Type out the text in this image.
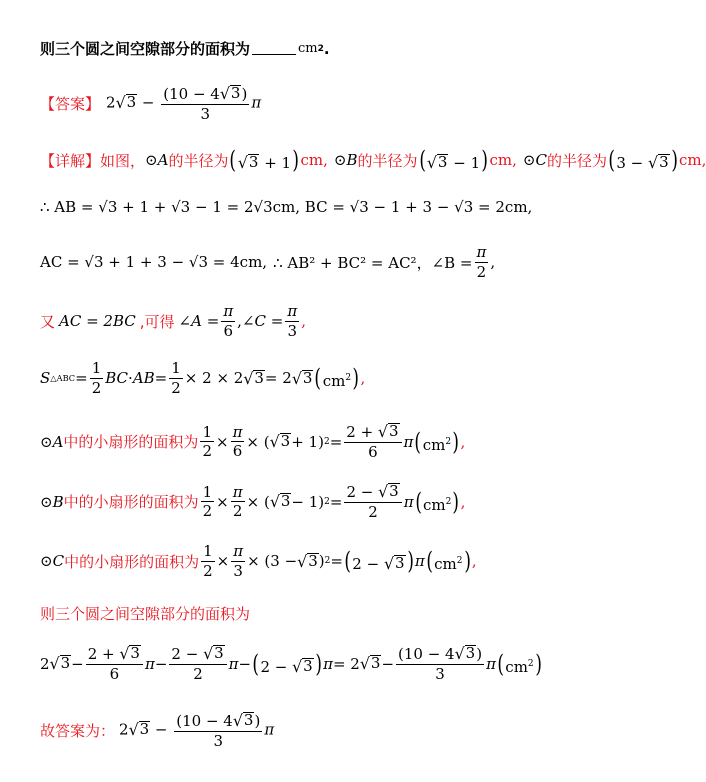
则三个圆之间空隙部分的面积为	cm 2 .
【答案】 2 √ $3 - \frac{(10 - 4 √ 3 )}{3}$ π
【详解】 如图， ⊙A 的半径为 ( √ 3 + 1) cm, ⊙B 的半径为 ( √ 3 − 1) cm, ⊙C 的半径为 (3 − √ 3 ) cm,
∴ AB = √3 + 1 + √3 − 1 = 2√3cm, BC = √3 − 1 + 3 − √3 = 2cm,
AC = √3 + 1 + 3 − √3 = 4cm, ∴ AB² + BC² = AC²，∠B = $\frac{\pi}{2}$ ,
又 AC = 2BC ,可得 ∠A = $\frac{\pi}{6}$ , ∠C = $\frac{\pi}{3}$ ,
S △ABC = $\frac{1}{2}$ BC · AB = $\frac{1}{2} \times 2 \times 2$ √ 3 = 2 √ 3 $(cm^2)$ ,
⊙A 中的小扇形的面积为 $\frac{1}{2} \times \frac{\pi}{6}$ × ( √ 3 + 1) $2 = \frac{2 + √ 3}{6}$ π $(cm^2)$ ,
⊙B 中的小扇形的面积为 $\frac{1}{2} \times \frac{\pi}{2}$ × ( √ 3 − 1) $2 = \frac{2 - √ 3}{2}$ π $(cm^2)$ ,
⊙C 中的小扇形的面积为 $\frac{1}{2} \times \frac{\pi}{3} \times (3$ − √ 3 ) 2 = (2 − √ 3 ) π $(cm^2)$ ,
则三个圆之间空隙部分的面积为
2 √ $3 - \frac{2 + √ 3}{6}$ $\pi - \frac{2 - √ 3}{2}$ π − (2 − √ 3 ) π = 2 √ $3 - \frac{(10 - 4 √ 3 )}{3}$ π $(cm^2)$
故答案为： 2 √ $3 - \frac{(10 - 4 √ 3 )}{3}$ π
